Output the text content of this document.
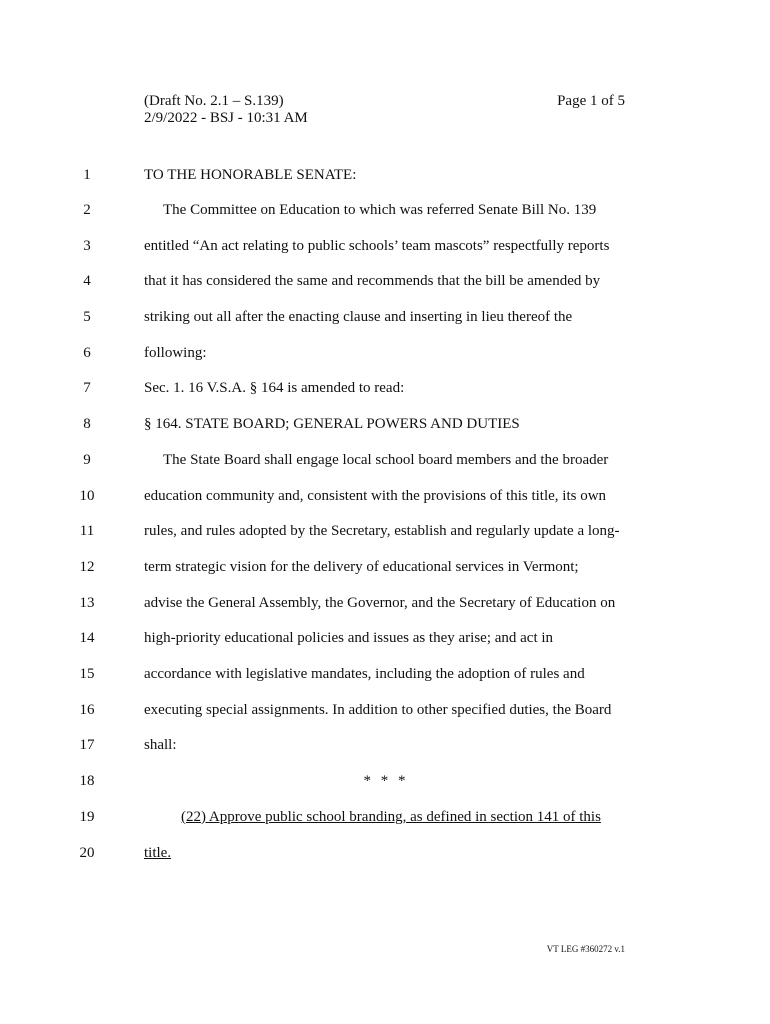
(Draft No. 2.1 – S.139)
2/9/2022 - BSJ - 10:31 AM
Page 1 of 5
1	TO THE HONORABLE SENATE:
2	The Committee on Education to which was referred Senate Bill No. 139
3	entitled “An act relating to public schools’ team mascots” respectfully reports
4	that it has considered the same and recommends that the bill be amended by
5	striking out all after the enacting clause and inserting in lieu thereof the
6	following:
7	Sec. 1. 16 V.S.A. § 164 is amended to read:
8	§ 164. STATE BOARD; GENERAL POWERS AND DUTIES
9	The State Board shall engage local school board members and the broader
10	education community and, consistent with the provisions of this title, its own
11	rules, and rules adopted by the Secretary, establish and regularly update a long-
12	term strategic vision for the delivery of educational services in Vermont;
13	advise the General Assembly, the Governor, and the Secretary of Education on
14	high-priority educational policies and issues as they arise; and act in
15	accordance with legislative mandates, including the adoption of rules and
16	executing special assignments. In addition to other specified duties, the Board
17	shall:
18	* * *
19	(22) Approve public school branding, as defined in section 141 of this
20	title.
VT LEG #360272 v.1
